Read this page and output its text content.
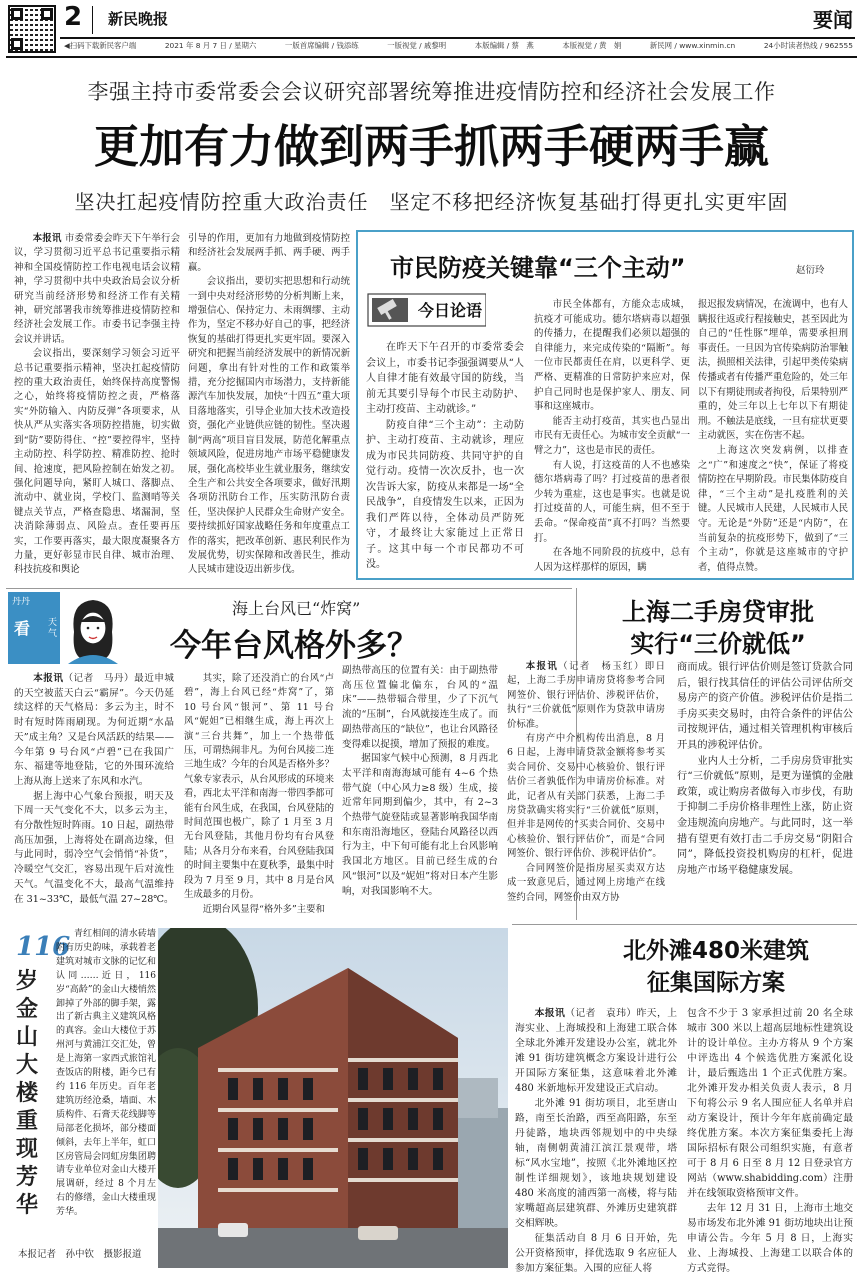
2 新民晚报	要闻
◀扫码下载新民客户端	2021 年 8 月 7 日 / 星期六	一版首席编辑 / 钱添练	一版视觉 / 戚黎明	本版编辑 / 蔡　燕	本版视觉 / 黄　娟	新民网 / www.xinmin.cn	24小时读者热线 / 962555
李强主持市委常委会会议研究部署统筹推进疫情防控和经济社会发展工作
更加有力做到两手抓两手硬两手赢
坚决扛起疫情防控重大政治责任　坚定不移把经济恢复基础打得更扎实更牢固

本报讯 市委常委会昨天下午举行会议，学习贯彻习近平总书记重要指示精神和全国疫情防控工作电视电话会议精神，学习贯彻中共中央政治局会议分析研究当前经济形势和经济工作有关精神，研究部署我市统筹推进疫情防控和经济社会发展工作。市委书记李强主持会议并讲话。

会议指出，要深刻学习领会习近平总书记重要指示精神，坚决扛起疫情防控的重大政治责任，始终保持高度警惕之心，始终将疫情防控之责，严格落实“外防输入、内防反弹”各项要求，从快从严从实落实各项防控措施，切实做到“防”要防得住、“控”要控得牢，坚持主动防控、科学防控、精准防控、抢时间、抢速度，把风险控制在始发之初。强化问题导向，紧盯人城口、落脚点、流动中、就业岗，学校门、监测哨等关键点关节点，严格查隐患、堵漏洞，坚决消除薄弱点、风险点。查任要再压实，工作要再落实，最大限度凝聚各方力量，更好彰显市民自律、城市治理、科技抗疫和舆论

引导的作用，更加有力地做到疫情防控和经济社会发展两手抓、两手硬、两手赢。

会议指出，要切实把思想和行动统一到中央对经济形势的分析判断上来，增强信心、保持定力、未雨绸缪、主动作为，坚定不移办好自己的事，把经济恢复的基础打得更扎实更牢固。要深入研究和把握当前经济发展中的新情况新问题，拿出有针对性的工作和政策举措，充分挖掘国内市场潜力，支持新能源汽车加快发展，加快“十四五”重大项目落地落实，引导企业加大技术改造投资，强化产业链供应链的韧性。坚决遏制“两高”项目盲目发展，防范化解重点领域风险，促进房地产市场平稳健康发展，强化高校毕业生就业服务，继续安全生产和公共安全各项要求，做好汛期各项防汛防台工作，压实防汛防台责任，坚决保护人民群众生命财产安全。要持续抓好国家战略任务和年度重点工作的落实，把改革创新、惠民利民作为发展优势，切实保障和改善民生，推动人民城市建设迈出新步伐。

市民防疫关键靠“三个主动”	赵衍玲
今日论语

在昨天下午召开的市委常委会会议上，市委书记李强强调要从“人人自律才能有效最守国的防线，当前无其要引导每个市民主动防护、主动打疫苗、主动就诊。”

防疫自律“三个主动”：主动防护、主动打疫苗、主动就诊，理应成为市民共同防疫、共同守护的自觉行动。疫情一次次反扑，也一次次告诉大家，防疫从来都是一场“全民战争”，自疫情发生以来，正因为我们严阵以待，全体动员严防死守，才最终让大家能过上正常日子。这其中每一个市民都功不可没。

市民全体都有，方能众志成城，抗疫才可能成功。德尔塔病毒以超强的传播力，在提醒我们必须以超强的自律能力，来完成传染的“隔断”。每一位市民都责任在肩，以更科学、更严格、更精准的日常防护来应对，保护自己同时也是保护家人、朋友、同事和这座城市。

能否主动打疫苗，其实也凸显出市民有无责任心。为城市安全贡献“一臂之力”，这也是市民的责任。

有人说，打这疫苗的人不也感染德尔塔病毒了吗？打过疫苗的患者很少转为重症，这也是事实。也就是说打过疫苗的人，可能生病，但不至于丢命。“保命疫苗”真不打吗？当然要打。

在各地不同阶段的抗疫中，总有人因为这样那样的原因，瞒

报迟报发病情况，在流调中，也有人瞒报往返或行程接触史，甚至因此为自己的“任性豚”埋单，需要承担刑事责任。一旦因为官传染病防治罪触法，损照相关法律，引起甲类传染病传播或者有传播严重危险的，处三年以下有期徒刑或者拘役，后果特别严重的，处三年以上七年以下有期徒刑。不触法是底线，一旦有症状更要主动就医，实在伤害不起。

上海这次突发病例，以排查之“广”和速度之“快”，保证了将疫情防控在早期阶段。市民集体防疫自律，“三个主动”是扎疫胜利的关键。人民城市人民建，人民城市人民守。无论是“外防”还是“内防”，在当前复杂的抗疫形势下，做到了“三个主动”，你就是这座城市的守护者，值得点赞。

丹丹
看 天气
海上台风已“炸窝”
今年台风格外多？

本报讯（记者　马丹）最近申城的天空被蓝天白云“霸屏”。今天仍延续这样的天气格局：多云为主，时不时有短时阵雨刷现。为何近期“水晶天”成主角？又是台风活跃的结果——今年第 9 号台风“卢碧”已在我国广东、福建等地登陆，它的外围环流给上海从海上送来了东风和水汽。

据上海中心气象台预报，明天及下周一天气变化不大，以多云为主，有分散性短时阵雨。10 日起，副热带高压加强，上海将处在副高边缘，但与此同时，弱冷空气会悄悄“补货”，冷暖空气交汇，容易出现午后对流性天气。气温变化不大，最高气温维持在 31~33℃，最低气温 27~28℃。

其实，除了还没消亡的台风“卢碧”，海上台风已经“炸窝”了，第 10 号台风“银河”、第 11 号台风“妮妲”已相继生成，海上再次上演“三台共舞”，加上一个热带低压，可谓热闹非凡。为何台风接二连三地生成？今年的台风是否格外多？气象专家表示，从台风形成的环境来看，西北太平洋和南海一带四季都可能有台风生成，在我国，台风登陆的时间范围也极广，除了 1 月至 3 月无台风登陆，其他月份均有台风登陆；从各月分布来看，台风登陆我国的时间主要集中在夏秋季，最集中时段为 7 月至 9 月，其中 8 月是台风生成最多的月份。

近期台风显得“格外多”主要和

副热带高压的位置有关：由于副热带高压位置偏北偏东，台风的“温床”——热带辐合带里，少了下沉气流的“压制”，台风就接连生成了。而副热带高压的“缺位”，也让台风路径变得难以捉摸，增加了预报的难度。

据国家气候中心预测，8 月西北太平洋和南海海域可能有 4~6 个热带气旋（中心风力≥8 级）生成，接近常年同期到偏少，其中，有 2~3 个热带气旋登陆或显著影响我国华南和东南沿海地区，登陆台风路径以西行为主，中下旬可能有北上台风影响我国北方地区。目前已经生成的台风“银河”以及“妮妲”将对日本产生影响，对我国影响不大。

上海二手房贷审批
实行“三价就低”

本报讯（记者　杨玉红）即日起，上海二手房申请房贷将参考合同网签价、银行评估价、涉税评估价，执行“三价就低”原则作为贷款申请房价标准。

有房产中介机构传出消息，8 月 6 日起，上海申请贷款金额将参考买卖合同价、交易中心核验价、银行评估价三者孰低作为申请房价标准。对此，记者从有关部门获悉，上海二手房贷款确实将实行“三价就低”原则，但并非是网传的“买卖合同价、交易中心核验价、银行评估价”，而是“合同网签价、银行评估价、涉税评估价”。

合同网签价是指房屋买卖双方达成一致意见后，通过网上房地产在线签约合同，网签价由双方协

商而成。银行评估价则是签订贷款合同后，银行找其信任的评估公司评估所交易房产的资产价值。涉税评估价是指二手房买卖交易时，由符合条件的评估公司按规评估，通过相关管理机构审核后开具的涉税评估价。

业内人士分析，二手房房贷审批实行“三价就低”原则，是更为谨慎的金融政策，或让购房者做每入市步伐，有助于抑制二手房价格非理性上涨，防止资金违规流向房地产。与此同时，这一举措有望更有效打击二手房交易“阴阳合同”，降低投资投机购房的杠杆，促进房地产市场平稳健康发展。

116
岁金山大楼重现芳华
青红相间的清水砖墙附有历史韵味，承载着老建筑对城市文脉的记忆和认同……近日，116 岁“高龄”的金山大楼悄然卸掉了外部的脚手架，露出了新古典主义建筑风格的真容。金山大楼位于苏州河与黄浦江交汇处，曾是上海第一家西式旅馆礼查饭店的附楼，距今已有约 116 年历史。百年老建筑历经沧桑，墙面、木质构件、石膏天花线脚等局部老化损坏，部分楼面倾斜，去年上半年，虹口区房管局会同虹房集团聘请专业单位对金山大楼开展调研，经过 8 个月左右的修缮，金山大楼重现芳华。
本报记者　孙中钦　摄影报道
北外滩480米建筑
征集国际方案

本报讯（记者　袁玮）昨天，上海实业、上海城投和上海建工联合体全球北外滩开发建设办公室，就北外滩 91 街坊建筑概念方案设计进行公开国际方案征集，这意味着北外滩 480 米新地标开发建设正式启动。

北外滩 91 街坊项目，北至唐山路，南至长治路，西至高阳路，东至丹徒路，地块西邻规划中的中央绿轴，南侧朝黄浦江滨江景观带，塔标“风水宝地”，按照《北外滩地区控制性详细规划》，该地块规划建设 480 米高度的浦西第一高楼，将与陆家嘴超高层建筑群、外滩历史建筑群交相辉映。

征集活动自 8 月 6 日开始，先公开资格预审，择优选取 9 名应征人参加方案征集。入围的应征人将

包含不少于 3 家承担过前 20 名全球城市 300 米以上超高层地标性建筑设计的设计单位。主办方将从 9 个方案中评选出 4 个候选优胜方案派化设计，最后甄选出 1 个正式优胜方案。北外滩开发办相关负责人表示，8 月下旬将公示 9 名人围应征人名单并启动方案设计，预计今年年底前确定最终优胜方案。本次方案征集委托上海国际招标有限公司组织实施，有意者可于 8 月 6 日至 8 月 12 日登录官方网站（www.shabidding.com）注册并在线领取资格预审文件。

去年 12 月 31 日，上海市土地交易市场发布北外滩 91 街坊地块出让预申请公告。今年 5 月 8 日，上海实业、上海城投、上海建工以联合体的方式竞得。
